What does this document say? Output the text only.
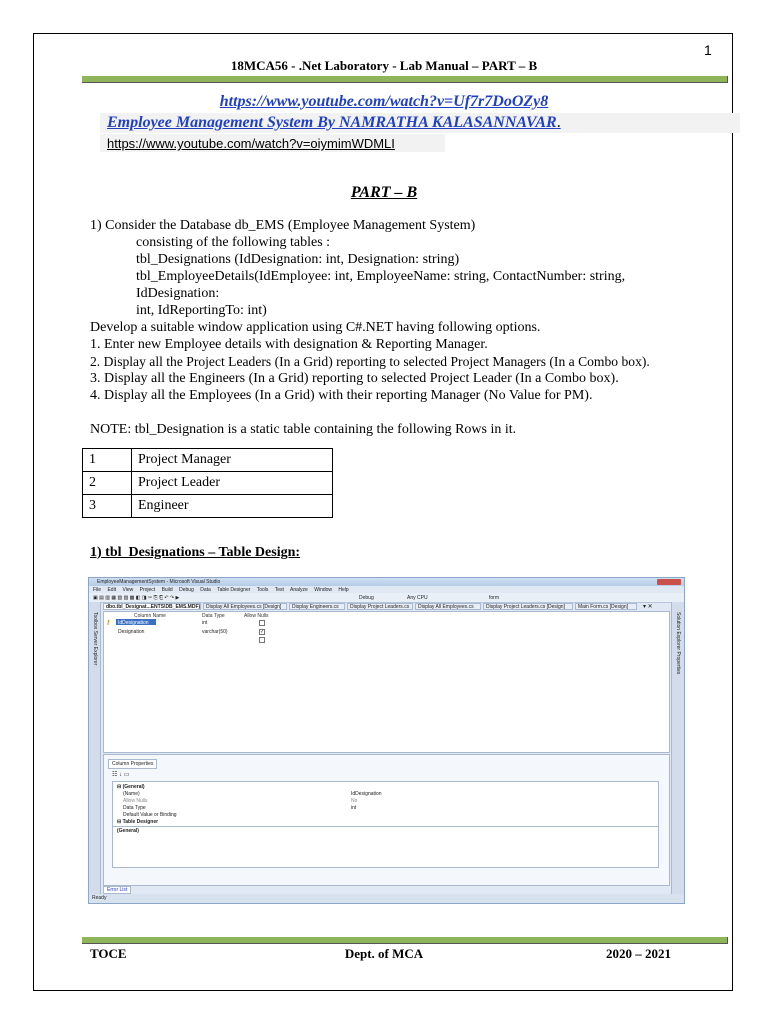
1
18MCA56 - .Net Laboratory - Lab Manual – PART – B
https://www.youtube.com/watch?v=Uf7r7DoOZy8
Employee Management System By NAMRATHA KALASANNAVAR.
https://www.youtube.com/watch?v=oiymimWDMLI
PART – B
1) Consider the Database db_EMS (Employee Management System)
consisting of the following tables :
tbl_Designations (IdDesignation: int, Designation: string)
tbl_EmployeeDetails(IdEmployee: int, EmployeeName: string, ContactNumber: string,
IdDesignation:
int, IdReportingTo: int)
Develop a suitable window application using C#.NET having following options.
1. Enter new Employee details with designation & Reporting Manager.
2. Display all the Project Leaders (In a Grid) reporting to selected Project Managers (In a Combo box).
3. Display all the Engineers (In a Grid) reporting to selected Project Leader (In a Combo box).
4. Display all the Employees (In a Grid) with their reporting Manager (No Value for PM).
NOTE: tbl_Designation is a static table containing the following Rows in it.
1	Project Manager
2	Project Leader
3	Engineer
1) tbl_Designations – Table Design:
EmployeeManagementSystem - Microsoft Visual Studio
File Edit View Project Build Debug Data Table Designer Tools Test Analyze Window Help
▣ ▤ ▥ ▦ ▧ ▨ ▩ ◧ ◨ ✂ ⎘ ⎗ ↶ ↷ ▶	Debug	Any CPU	form
Toolbox Server Explorer
dbo.tbl_Designat...ENTS\DB_EMS.MDF)	Display All Employees.cs [Design]	Display Engineers.cs	Display Project Leaders.cs	Display All Employees.cs	Display Project Leaders.cs [Design]	Main Form.cs [Design]	▾ ✕
Column Name	Data Type	Allow Nulls
⚷ IdDesignation	int
Designation	varchar(50)	✓
Column Properties
☷ ↓ ▭
⊟ (General)
(Name)	IdDesignation
Allow Nulls	No
Data Type	int
Default Value or Binding
⊟ Table Designer
(General)
Error List
Solution Explorer Properties
Ready
TOCE	Dept. of MCA	2020 – 2021
